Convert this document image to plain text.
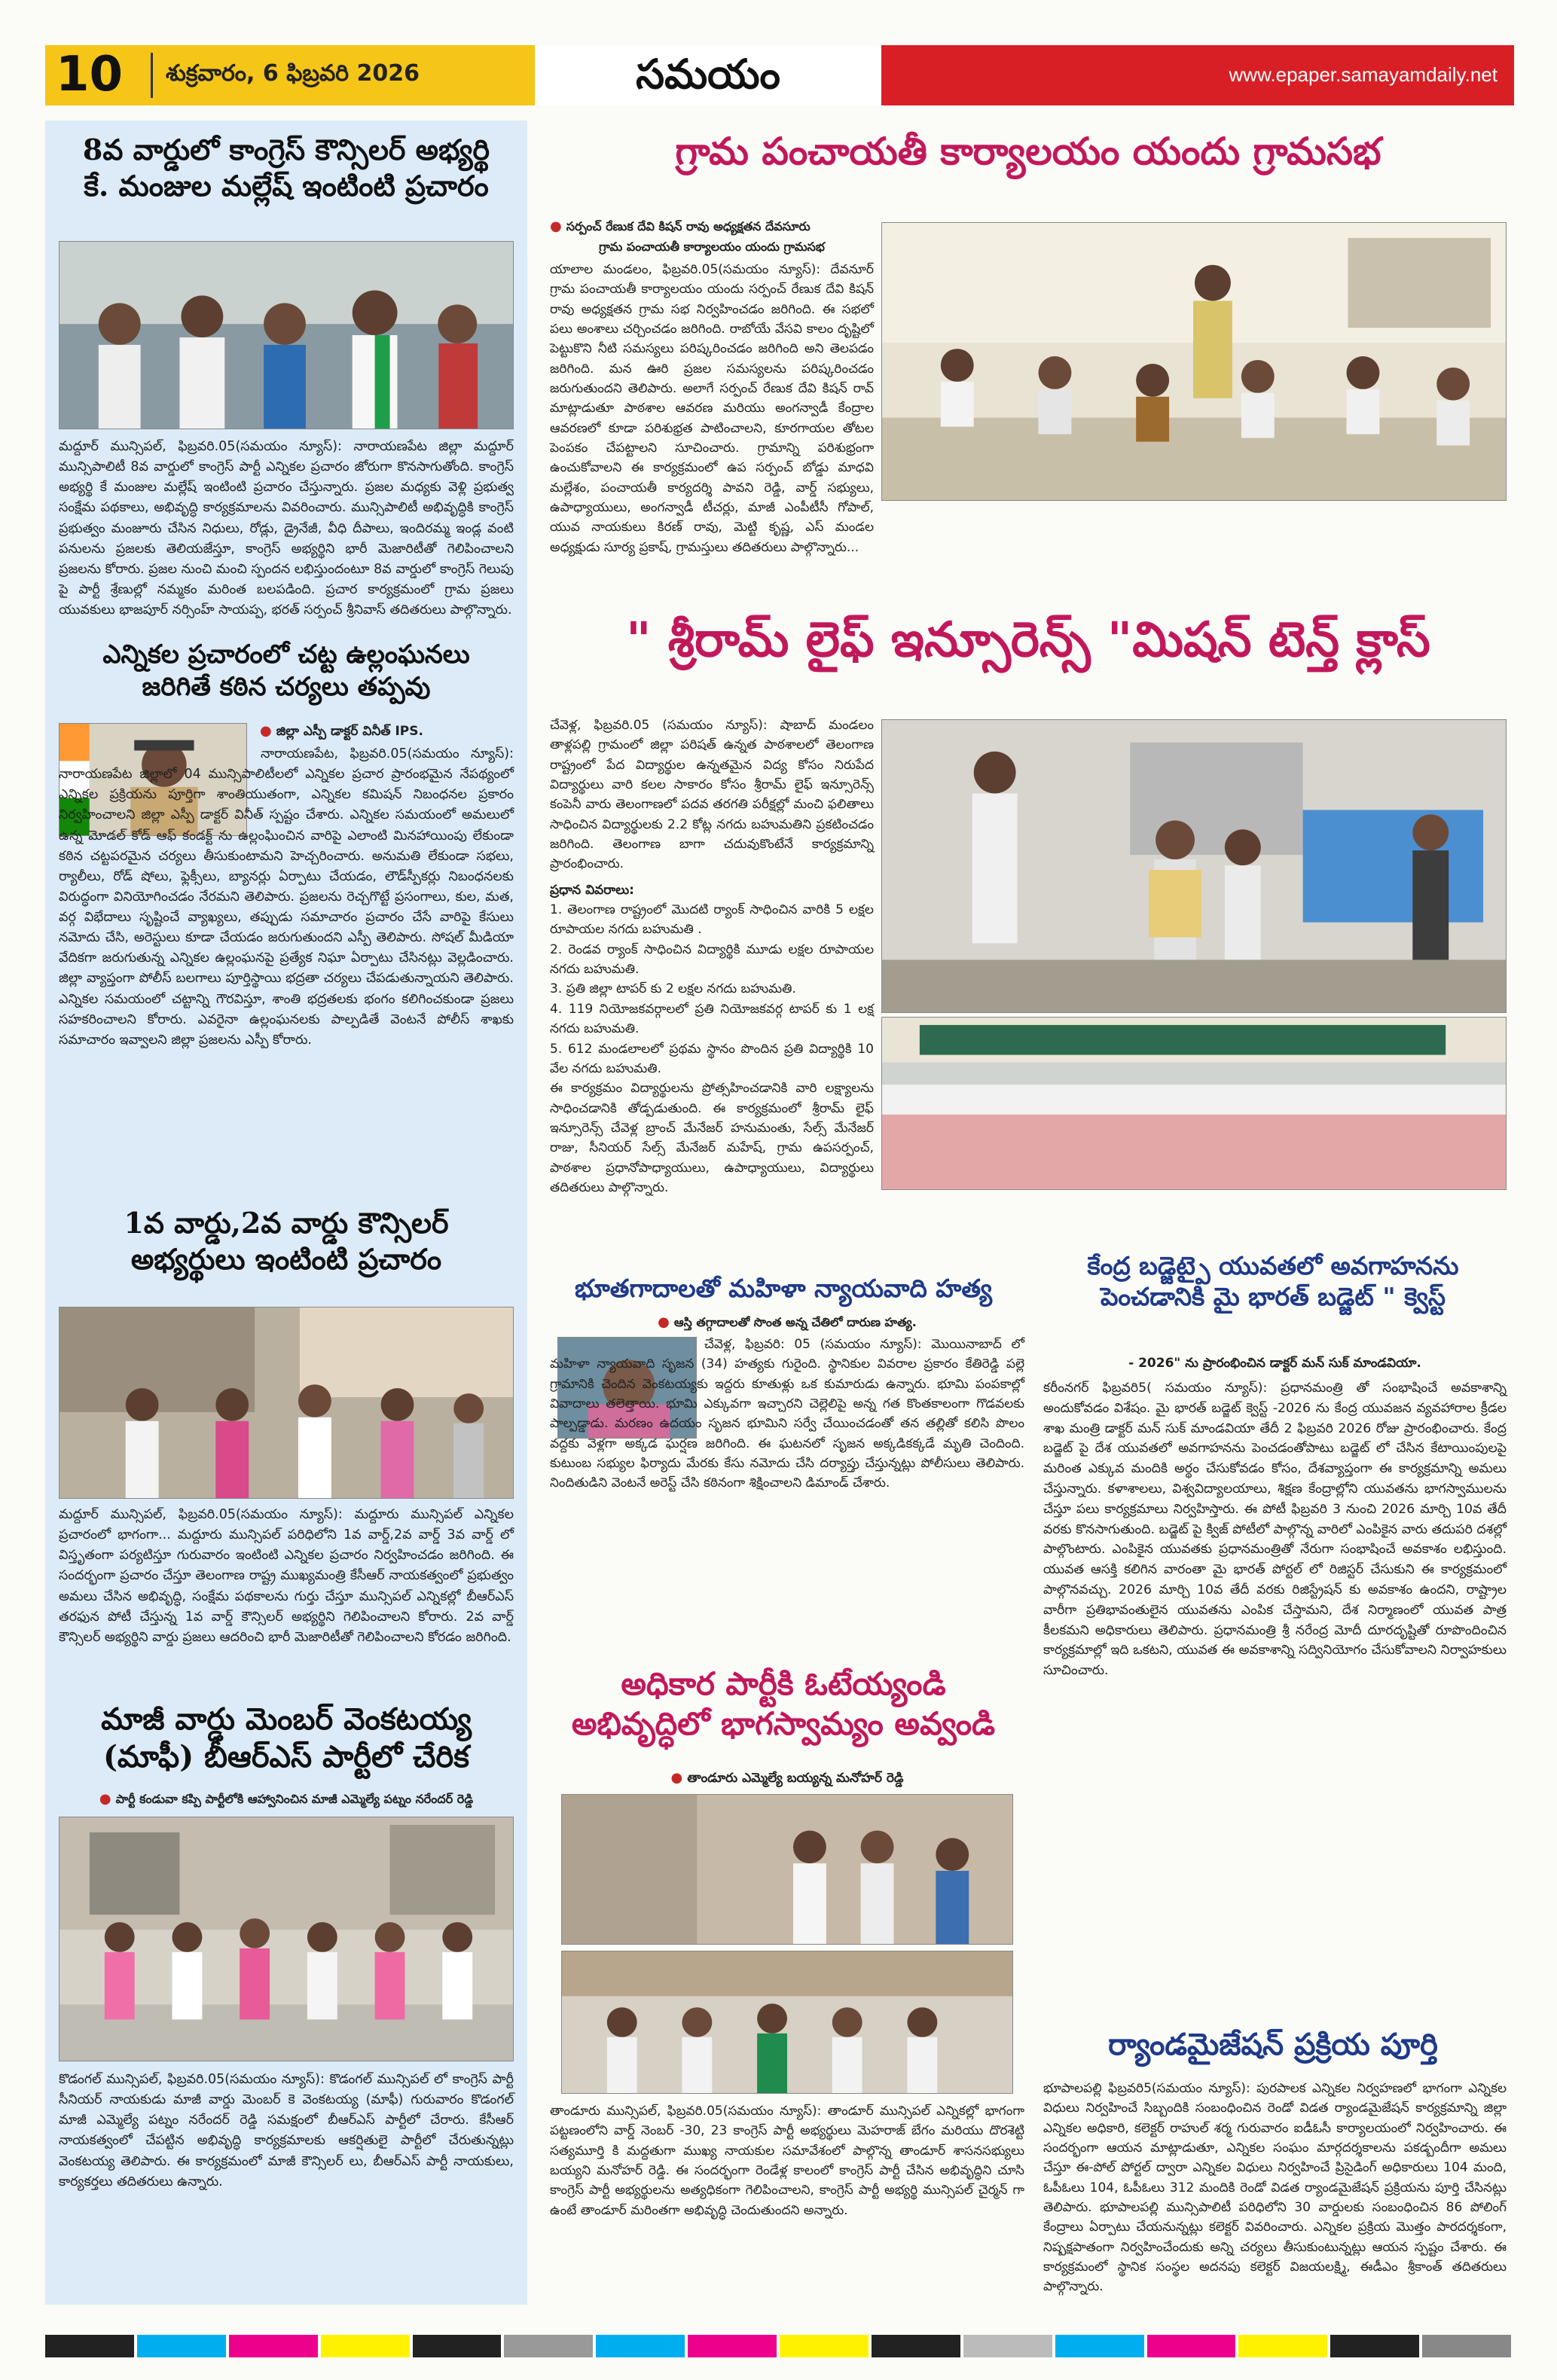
10 శుక్రవారం, 6 ఫిబ్రవరి 2026	సమయం	www.epaper.samayamdaily.net
8వ వార్డులో కాంగ్రెస్ కౌన్సిలర్ అభ్యర్థి
కే. మంజుల మల్లేష్ ఇంటింటి ప్రచారం
మద్దూర్ మున్సిపల్, ఫిబ్రవరి.05(సమయం న్యూస్): నారాయణపేట జిల్లా మద్దూర్ మున్సిపాలిటీ 8వ వార్డులో కాంగ్రెస్ పార్టీ ఎన్నికల ప్రచారం జోరుగా కొనసాగుతోంది. కాంగ్రెస్ అభ్యర్థి కే మంజుల మల్లేష్ ఇంటింటి ప్రచారం చేస్తున్నారు. ప్రజల మధ్యకు వెళ్లి ప్రభుత్వ సంక్షేమ పథకాలు, అభివృద్ధి కార్యక్రమాలను వివరించారు. మున్సిపాలిటీ అభివృద్ధికి కాంగ్రెస్ ప్రభుత్వం మంజూరు చేసిన నిధులు, రోడ్లు, డ్రైనేజీ, వీధి దీపాలు, ఇందిరమ్మ ఇండ్ల వంటి పనులను ప్రజలకు తెలియజేస్తూ, కాంగ్రెస్ అభ్యర్థిని భారీ మెజారిటీతో గెలిపించాలని ప్రజలను కోరారు. ప్రజల నుంచి మంచి స్పందన లభిస్తుందంటూ 8వ వార్డులో కాంగ్రెస్ గెలుపు పై పార్టీ శ్రేణుల్లో నమ్మకం మరింత బలపడింది. ప్రచార కార్యక్రమంలో గ్రామ ప్రజలు యువకులు భాజపూర్ నర్సింహ్ సాయప్ప, భరత్ సర్పంచ్ శ్రీనివాస్ తదితరులు పాల్గొన్నారు.
ఎన్నికల ప్రచారంలో చట్ట ఉల్లంఘనలు
జరిగితే కఠిన చర్యలు తప్పవు
● జిల్లా ఎస్పీ డాక్టర్ వినీత్ IPS.
నారాయణపేట, ఫిబ్రవరి.05(సమయం న్యూస్): నారాయణపేట జిల్లాలో 04 మున్సిపాలిటీలలో ఎన్నికల ప్రచార ప్రారంభమైన నేపథ్యంలో ఎన్నికల ప్రక్రియను పూర్తిగా శాంతియుతంగా, ఎన్నికల కమిషన్ నిబంధనల ప్రకారం నిర్వహించాలని జిల్లా ఎస్పీ డాక్టర్ వినీత్ స్పష్టం చేశారు. ఎన్నికల సమయంలో అమలులో ఉన్న మోడల్ కోడ్ ఆఫ్ కండక్ట్ ను ఉల్లంఘించిన వారిపై ఎలాంటి మినహాయింపు లేకుండా కఠిన చట్టపరమైన చర్యలు తీసుకుంటామని హెచ్చరించారు. అనుమతి లేకుండా సభలు, ర్యాలీలు, రోడ్ షోలు, ఫ్లెక్సీలు, బ్యానర్లు ఏర్పాటు చేయడం, లౌడ్‌స్పీకర్లు నిబంధనలకు విరుద్ధంగా వినియోగించడం నేరమని తెలిపారు. ప్రజలను రెచ్చగొట్టే ప్రసంగాలు, కుల, మత, వర్గ విభేదాలు సృష్టించే వ్యాఖ్యలు, తప్పుడు సమాచారం ప్రచారం చేసే వారిపై కేసులు నమోదు చేసి, అరెస్టులు కూడా చేయడం జరుగుతుందని ఎస్పీ తెలిపారు. సోషల్ మీడియా వేదికగా జరుగుతున్న ఎన్నికల ఉల్లంఘనపై ప్రత్యేక నిఘా ఏర్పాటు చేసినట్లు వెల్లడించారు. జిల్లా వ్యాప్తంగా పోలీస్ బలగాలు పూర్తిస్థాయి భద్రతా చర్యలు చేపడుతున్నాయని తెలిపారు. ఎన్నికల సమయంలో చట్టాన్ని గౌరవిస్తూ, శాంతి భద్రతలకు భంగం కలిగించకుండా ప్రజలు సహకరించాలని కోరారు. ఎవరైనా ఉల్లంఘనలకు పాల్పడితే వెంటనే పోలీస్ శాఖకు సమాచారం ఇవ్వాలని జిల్లా ప్రజలను ఎస్పీ కోరారు.
1వ వార్డు,2వ వార్డు కౌన్సిలర్
అభ్యర్థులు ఇంటింటి ప్రచారం
మద్దూర్ మున్సిపల్, ఫిబ్రవరి.05(సమయం న్యూస్): మద్దూరు మున్సిపల్ ఎన్నికల ప్రచారంలో భాగంగా... మద్దూరు మున్సిపల్ పరిధిలోని 1వ వార్డ్,2వ వార్డ్ 3వ వార్డ్ లో విస్తృతంగా పర్యటిస్తూ గురువారం ఇంటింటి ఎన్నికల ప్రచారం నిర్వహించడం జరిగింది. ఈ సందర్భంగా ప్రచారం చేస్తూ తెలంగాణ రాష్ట్ర ముఖ్యమంత్రి కేసీఆర్ నాయకత్వంలో ప్రభుత్వం అమలు చేసిన అభివృద్ధి, సంక్షేమ పథకాలను గుర్తు చేస్తూ మున్సిపల్ ఎన్నికల్లో బీఆర్ఎస్ తరఫున పోటీ చేస్తున్న 1వ వార్డ్ కౌన్సిలర్ అభ్యర్థిని గెలిపించాలని కోరారు. 2వ వార్డ్ కౌన్సిలర్ అభ్యర్థిని వార్డు ప్రజలు ఆదరించి భారీ మెజారిటీతో గెలిపించాలని కోరడం జరిగింది.
మాజీ వార్డు మెంబర్ వెంకటయ్య
(మాఫీ) బీఆర్ఎస్ పార్టీలో చేరిక
● పార్టీ కండువా కప్పి పార్టీలోకి ఆహ్వానించిన మాజీ ఎమ్మెల్యే పట్నం నరేందర్ రెడ్డి
కొడంగల్ మున్సిపల్, ఫిబ్రవరి.05(సమయం న్యూస్): కొడంగల్ మున్సిపల్ లో కాంగ్రెస్ పార్టీ సీనియర్ నాయకుడు మాజీ వార్డు మెంబర్ కె వెంకటయ్య (మాఫీ) గురువారం కొడంగల్ మాజీ ఎమ్మెల్యే పట్నం నరేందర్ రెడ్డి సమక్షంలో బీఆర్ఎస్ పార్టీలో చేరారు. కేసీఆర్ నాయకత్వంలో చేపట్టిన అభివృద్ధి కార్యక్రమాలకు ఆకర్షితులై పార్టీలో చేరుతున్నట్లు వెంకటయ్య తెలిపారు. ఈ కార్యక్రమంలో మాజీ కౌన్సిలర్ లు, బీఆర్ఎస్ పార్టీ నాయకులు, కార్యకర్తలు తదితరులు ఉన్నారు.
గ్రామ పంచాయతీ కార్యాలయం యందు గ్రామసభ
● సర్పంచ్ రేణుక దేవి కిషన్ రావు అధ్యక్షతన దేవసూరు
గ్రామ పంచాయతీ కార్యాలయం యందు గ్రామసభ
యాలాల మండలం, ఫిబ్రవరి.05(సమయం న్యూస్): దేవనూర్ గ్రామ పంచాయతీ కార్యాలయం యందు సర్పంచ్ రేణుక దేవి కిషన్ రావు అధ్యక్షతన గ్రామ సభ నిర్వహించడం జరిగింది. ఈ సభలో పలు అంశాలు చర్చించడం జరిగింది. రాబోయే వేసవి కాలం దృష్టిలో పెట్టుకొని నీటి సమస్యలు పరిష్కరించడం జరిగింది అని తెలపడం జరిగింది. మన ఊరి ప్రజల సమస్యలను పరిష్కరించడం జరుగుతుందని తెలిపారు. అలాగే సర్పంచ్ రేణుక దేవి కిషన్ రావ్ మాట్లాడుతూ పాఠశాల ఆవరణ మరియు అంగన్వాడీ కేంద్రాల ఆవరణలో కూడా పరిశుభ్రత పాటించాలని, కూరగాయల తోటల పెంపకం చేపట్టాలని సూచించారు. గ్రామాన్ని పరిశుభ్రంగా ఉంచుకోవాలని ఈ కార్యక్రమంలో ఉప సర్పంచ్ బోడ్డు మాధవి మల్లేశం, పంచాయతీ కార్యదర్శి పావని రెడ్డి, వార్డ్ సభ్యులు, ఉపాధ్యాయులు, అంగన్వాడీ టీచర్లు, మాజీ ఎంపీటీసీ గోపాల్, యువ నాయకులు కిరణ్ రావు, మెట్టి కృష్ణ, ఎస్ మండల అధ్యక్షుడు సూర్య ప్రకాష్, గ్రామస్తులు తదితరులు పాల్గొన్నారు...
" శ్రీరామ్ లైఫ్ ఇన్సూరెన్స్ "మిషన్ టెన్త్ క్లాస్
చేవెళ్ల, ఫిబ్రవరి.05 (సమయం న్యూస్): షాబాద్ మండలం తాళ్లపల్లి గ్రామంలో జిల్లా పరిషత్ ఉన్నత పాఠశాలలో తెలంగాణ రాష్ట్రంలో పేద విద్యార్థుల ఉన్నతమైన విద్య కోసం నిరుపేద విద్యార్థులు వారి కలల సాకారం కోసం శ్రీరామ్ లైఫ్ ఇన్సూరెన్స్ కంపెనీ వారు తెలంగాణలో పదవ తరగతి పరీక్షల్లో మంచి ఫలితాలు సాధించిన విద్యార్థులకు 2.2 కోట్ల నగదు బహుమతిని ప్రకటించడం జరిగింది. తెలంగాణ బాగా చదువుకొంటేనే కార్యక్రమాన్ని ప్రారంభించారు.
ప్రధాన వివరాలు:
1. తెలంగాణ రాష్ట్రంలో మొదటి ర్యాంక్ సాధించిన వారికి 5 లక్షల రూపాయల నగదు బహుమతి .
2. రెండవ ర్యాంక్ సాధించిన విద్యార్థికి మూడు లక్షల రూపాయల నగదు బహుమతి.
3. ప్రతి జిల్లా టాపర్ కు 2 లక్షల నగదు బహుమతి.
4. 119 నియోజకవర్గాలలో ప్రతి నియోజకవర్గ టాపర్ కు 1 లక్ష నగదు బహుమతి.
5. 612 మండలాలలో ప్రథమ స్థానం పొందిన ప్రతి విద్యార్థికి 10 వేల నగదు బహుమతి.
ఈ కార్యక్రమం విద్యార్థులను ప్రోత్సహించడానికి వారి లక్ష్యాలను సాధించడానికి తోడ్పడుతుంది. ఈ కార్యక్రమంలో శ్రీరామ్ లైఫ్ ఇన్సూరెన్స్ చేవెళ్ల బ్రాంచ్ మేనేజర్ హనుమంతు, సేల్స్ మేనేజర్ రాజు, సీనియర్ సేల్స్ మేనేజర్ మహేష్, గ్రామ ఉపసర్పంచ్, పాఠశాల ప్రధానోపాధ్యాయులు, ఉపాధ్యాయులు, విద్యార్థులు తదితరులు పాల్గొన్నారు.
భూతగాదాలతో మహిళా న్యాయవాది హత్య
● ఆస్తి తగ్గాదాలతో సొంత అన్న చేతిలో దారుణ హత్య.
చేవెళ్ల, ఫిబ్రవరి: 05 (సమయం న్యూస్): మొయినాబాద్ లో మహిళా న్యాయవాది సృజన (34) హత్యకు గురైంది. స్థానికుల వివరాల ప్రకారం కేతిరెడ్డి పల్లె గ్రామానికి చెందిన వెంకటయ్యకు ఇద్దరు కూతుళ్లు ఒక కుమారుడు ఉన్నారు. భూమి పంపకాల్లో వివాదాలు తలెత్తాయి. భూమి ఎక్కువగా ఇచ్చారని చెల్లెలిపై అన్న గత కొంతకాలంగా గొడవలకు పాల్పడ్డాడు. మరణం ఉదయం సృజన భూమిని సర్వే చేయించడంతో తన తల్లితో కలిసి పొలం వద్దకు వెళ్లగా అక్కడ ఘర్షణ జరిగింది. ఈ ఘటనలో సృజన అక్కడికక్కడే మృతి చెందింది. కుటుంబ సభ్యుల ఫిర్యాదు మేరకు కేసు నమోదు చేసి దర్యాప్తు చేస్తున్నట్లు పోలీసులు తెలిపారు. నిందితుడిని వెంటనే అరెస్ట్ చేసి కఠినంగా శిక్షించాలని డిమాండ్ చేశారు.
అధికార పార్టీకి ఓటేయ్యండి
అభివృద్ధిలో భాగస్వామ్యం అవ్వండి
● తాండూరు ఎమ్మెల్యే బయ్యన్న మనోహర్ రెడ్డి
తాండూరు మున్సిపల్, ఫిబ్రవరి.05(సమయం న్యూస్): తాండూర్ మున్సిపల్ ఎన్నికల్లో భాగంగా పట్టణంలోని వార్డ్ నెంబర్ -30, 23 కాంగ్రెస్ పార్టీ అభ్యర్థులు మెహరాజ్ బేగం మరియు దొరశెట్టి సత్యమూర్తి కి మద్దతుగా ముఖ్య నాయకుల సమావేశంలో పాల్గొన్న తాండూర్ శాసనసభ్యులు బయ్యని మనోహర్ రెడ్డి. ఈ సందర్భంగా రెండేళ్ల కాలంలో కాంగ్రెస్ పార్టీ చేసిన అభివృద్ధిని చూసి కాంగ్రెస్ పార్టీ అభ్యర్థులను అత్యధికంగా గెలిపించాలని, కాంగ్రెస్ పార్టీ అభ్యర్థి మున్సిపల్ చైర్మన్ గా ఉంటే తాండూర్ మరింతగా అభివృద్ధి చెందుతుందని అన్నారు.
కేంద్ర బడ్జెట్పై యువతలో అవగాహనను
పెంచడానికి మై భారత్ బడ్జెట్ " క్వెస్ట్
- 2026" ను ప్రారంభించిన డాక్టర్ మన్ సుక్ మాండవియా.
కరీంనగర్ ఫిబ్రవరి5( సమయం న్యూస్): ప్రధానమంత్రి తో సంభాషించే అవకాశాన్ని అందుకోవడం విశేషం. మై భారత్ బడ్జెట్ క్వెస్ట్ -2026 ను కేంద్ర యువజన వ్యవహారాల క్రీడల శాఖ మంత్రి డాక్టర్ మన్ సుక్ మాండవియా తేదీ 2 ఫిబ్రవరి 2026 రోజు ప్రారంభించారు. కేంద్ర బడ్జెట్ పై దేశ యువతలో అవగాహనను పెంచడంతోపాటు బడ్జెట్ లో చేసిన కేటాయింపులపై మరింత ఎక్కువ మందికి అర్థం చేసుకోవడం కోసం, దేశవ్యాప్తంగా ఈ కార్యక్రమాన్ని అమలు చేస్తున్నారు. కళాశాలలు, విశ్వవిద్యాలయాలు, శిక్షణ కేంద్రాల్లోని యువతను భాగస్వాములను చేస్తూ పలు కార్యక్రమాలు నిర్వహిస్తారు. ఈ పోటీ ఫిబ్రవరి 3 నుంచి 2026 మార్చి 10వ తేదీ వరకు కొనసాగుతుంది. బడ్జెట్ పై క్విజ్ పోటీలో పాల్గొన్న వారిలో ఎంపికైన వారు తదుపరి దశల్లో పాల్గొంటారు. ఎంపికైన యువతకు ప్రధానమంత్రితో నేరుగా సంభాషించే అవకాశం లభిస్తుంది. యువత ఆసక్తి కలిగిన వారంతా మై భారత్ పోర్టల్ లో రిజిస్టర్ చేసుకుని ఈ కార్యక్రమంలో పాల్గొనవచ్చు. 2026 మార్చి 10వ తేదీ వరకు రిజిస్ట్రేషన్ కు అవకాశం ఉందని, రాష్ట్రాల వారీగా ప్రతిభావంతులైన యువతను ఎంపిక చేస్తామని, దేశ నిర్మాణంలో యువత పాత్ర కీలకమని అధికారులు తెలిపారు. ప్రధానమంత్రి శ్రీ నరేంద్ర మోదీ దూరదృష్టితో రూపొందించిన కార్యక్రమాల్లో ఇది ఒకటని, యువత ఈ అవకాశాన్ని సద్వినియోగం చేసుకోవాలని నిర్వాహకులు సూచించారు.
ర్యాండమైజేషన్ ప్రక్రియ పూర్తి
భూపాలపల్లి ఫిబ్రవరి5(సమయం న్యూస్): పురపాలక ఎన్నికల నిర్వహణలో భాగంగా ఎన్నికల విధులు నిర్వహించే సిబ్బందికి సంబంధించిన రెండో విడత ర్యాండమైజేషన్ కార్యక్రమాన్ని జిల్లా ఎన్నికల అధికారి, కలెక్టర్ రాహుల్ శర్మ గురువారం ఐడీఓసీ కార్యాలయంలో నిర్వహించారు. ఈ సందర్భంగా ఆయన మాట్లాడుతూ, ఎన్నికల సంఘం మార్గదర్శకాలను పకడ్బందీగా అమలు చేస్తూ ఈ-పోల్ పోర్టల్ ద్వారా ఎన్నికల విధులు నిర్వహించే ప్రిసైడింగ్ అధికారులు 104 మంది, ఓపీఓలు 104, ఓపీఓలు 312 మందికి రెండో విడత ర్యాండమైజేషన్ ప్రక్రియను పూర్తి చేసినట్లు తెలిపారు. భూపాలపల్లి మున్సిపాలిటీ పరిధిలోని 30 వార్డులకు సంబంధించిన 86 పోలింగ్ కేంద్రాలు ఏర్పాటు చేయనున్నట్లు కలెక్టర్ వివరించారు. ఎన్నికల ప్రక్రియ మొత్తం పారదర్శకంగా, నిష్పక్షపాతంగా నిర్వహించేందుకు అన్ని చర్యలు తీసుకుంటున్నట్లు ఆయన స్పష్టం చేశారు. ఈ కార్యక్రమంలో స్థానిక సంస్థల అదనపు కలెక్టర్ విజయలక్ష్మి, ఈడీఎం శ్రీకాంత్ తదితరులు పాల్గొన్నారు.
